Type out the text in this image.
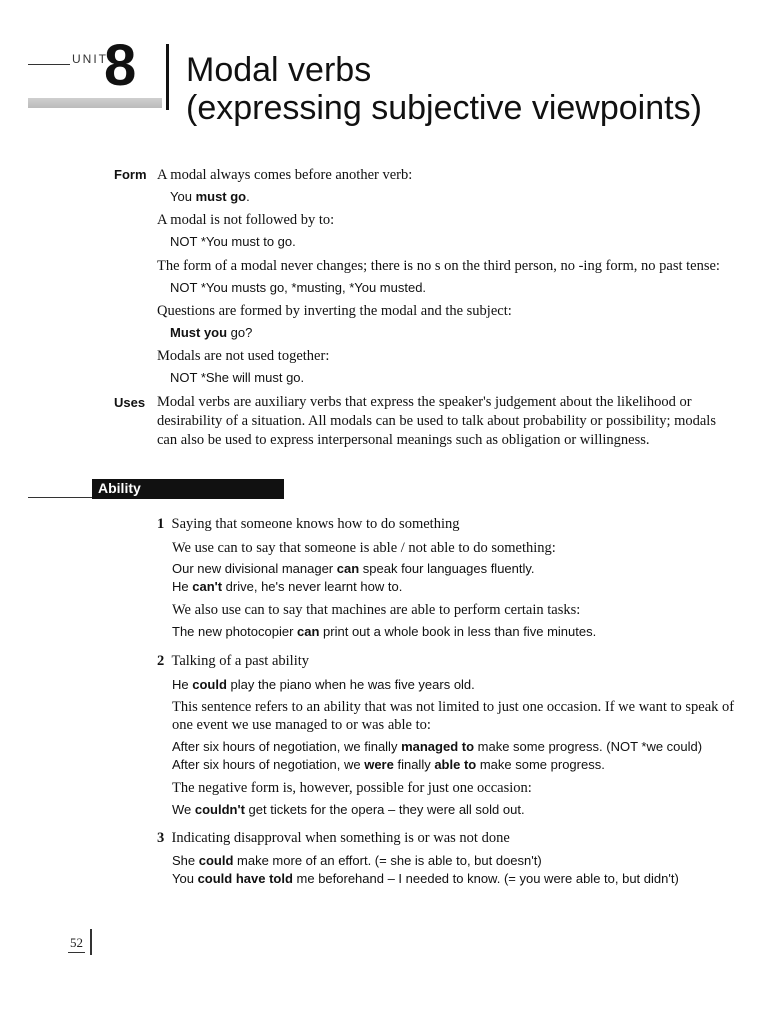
UNIT
8 Modal verbs
(expressing subjective viewpoints)
Form A modal always comes before another verb:
You must go.
A modal is not followed by to:
NOT *You must to go.
The form of a modal never changes; there is no s on the third person, no -ing form, no past tense:
NOT *You musts go, *musting, *You musted.
Questions are formed by inverting the modal and the subject:
Must you go?
Modals are not used together:
NOT *She will must go.
Uses Modal verbs are auxiliary verbs that express the speaker's judgement about the likelihood or
desirability of a situation. All modals can be used to talk about probability or possibility; modals
can also be used to express interpersonal meanings such as obligation or willingness.
Ability
1 Saying that someone knows how to do something
We use can to say that someone is able / not able to do something:
Our new divisional manager can speak four languages fluently.
He can't drive, he's never learnt how to.
We also use can to say that machines are able to perform certain tasks:
The new photocopier can print out a whole book in less than five minutes.
2 Talking of a past ability
He could play the piano when he was five years old.
This sentence refers to an ability that was not limited to just one occasion. If we want to speak of
one event we use managed to or was able to:
After six hours of negotiation, we finally managed to make some progress. (NOT *we could)
After six hours of negotiation, we were finally able to make some progress.
The negative form is, however, possible for just one occasion:
We couldn't get tickets for the opera – they were all sold out.
3 Indicating disapproval when something is or was not done
She could make more of an effort. (= she is able to, but doesn't)
You could have told me beforehand – I needed to know. (= you were able to, but didn't)
52
